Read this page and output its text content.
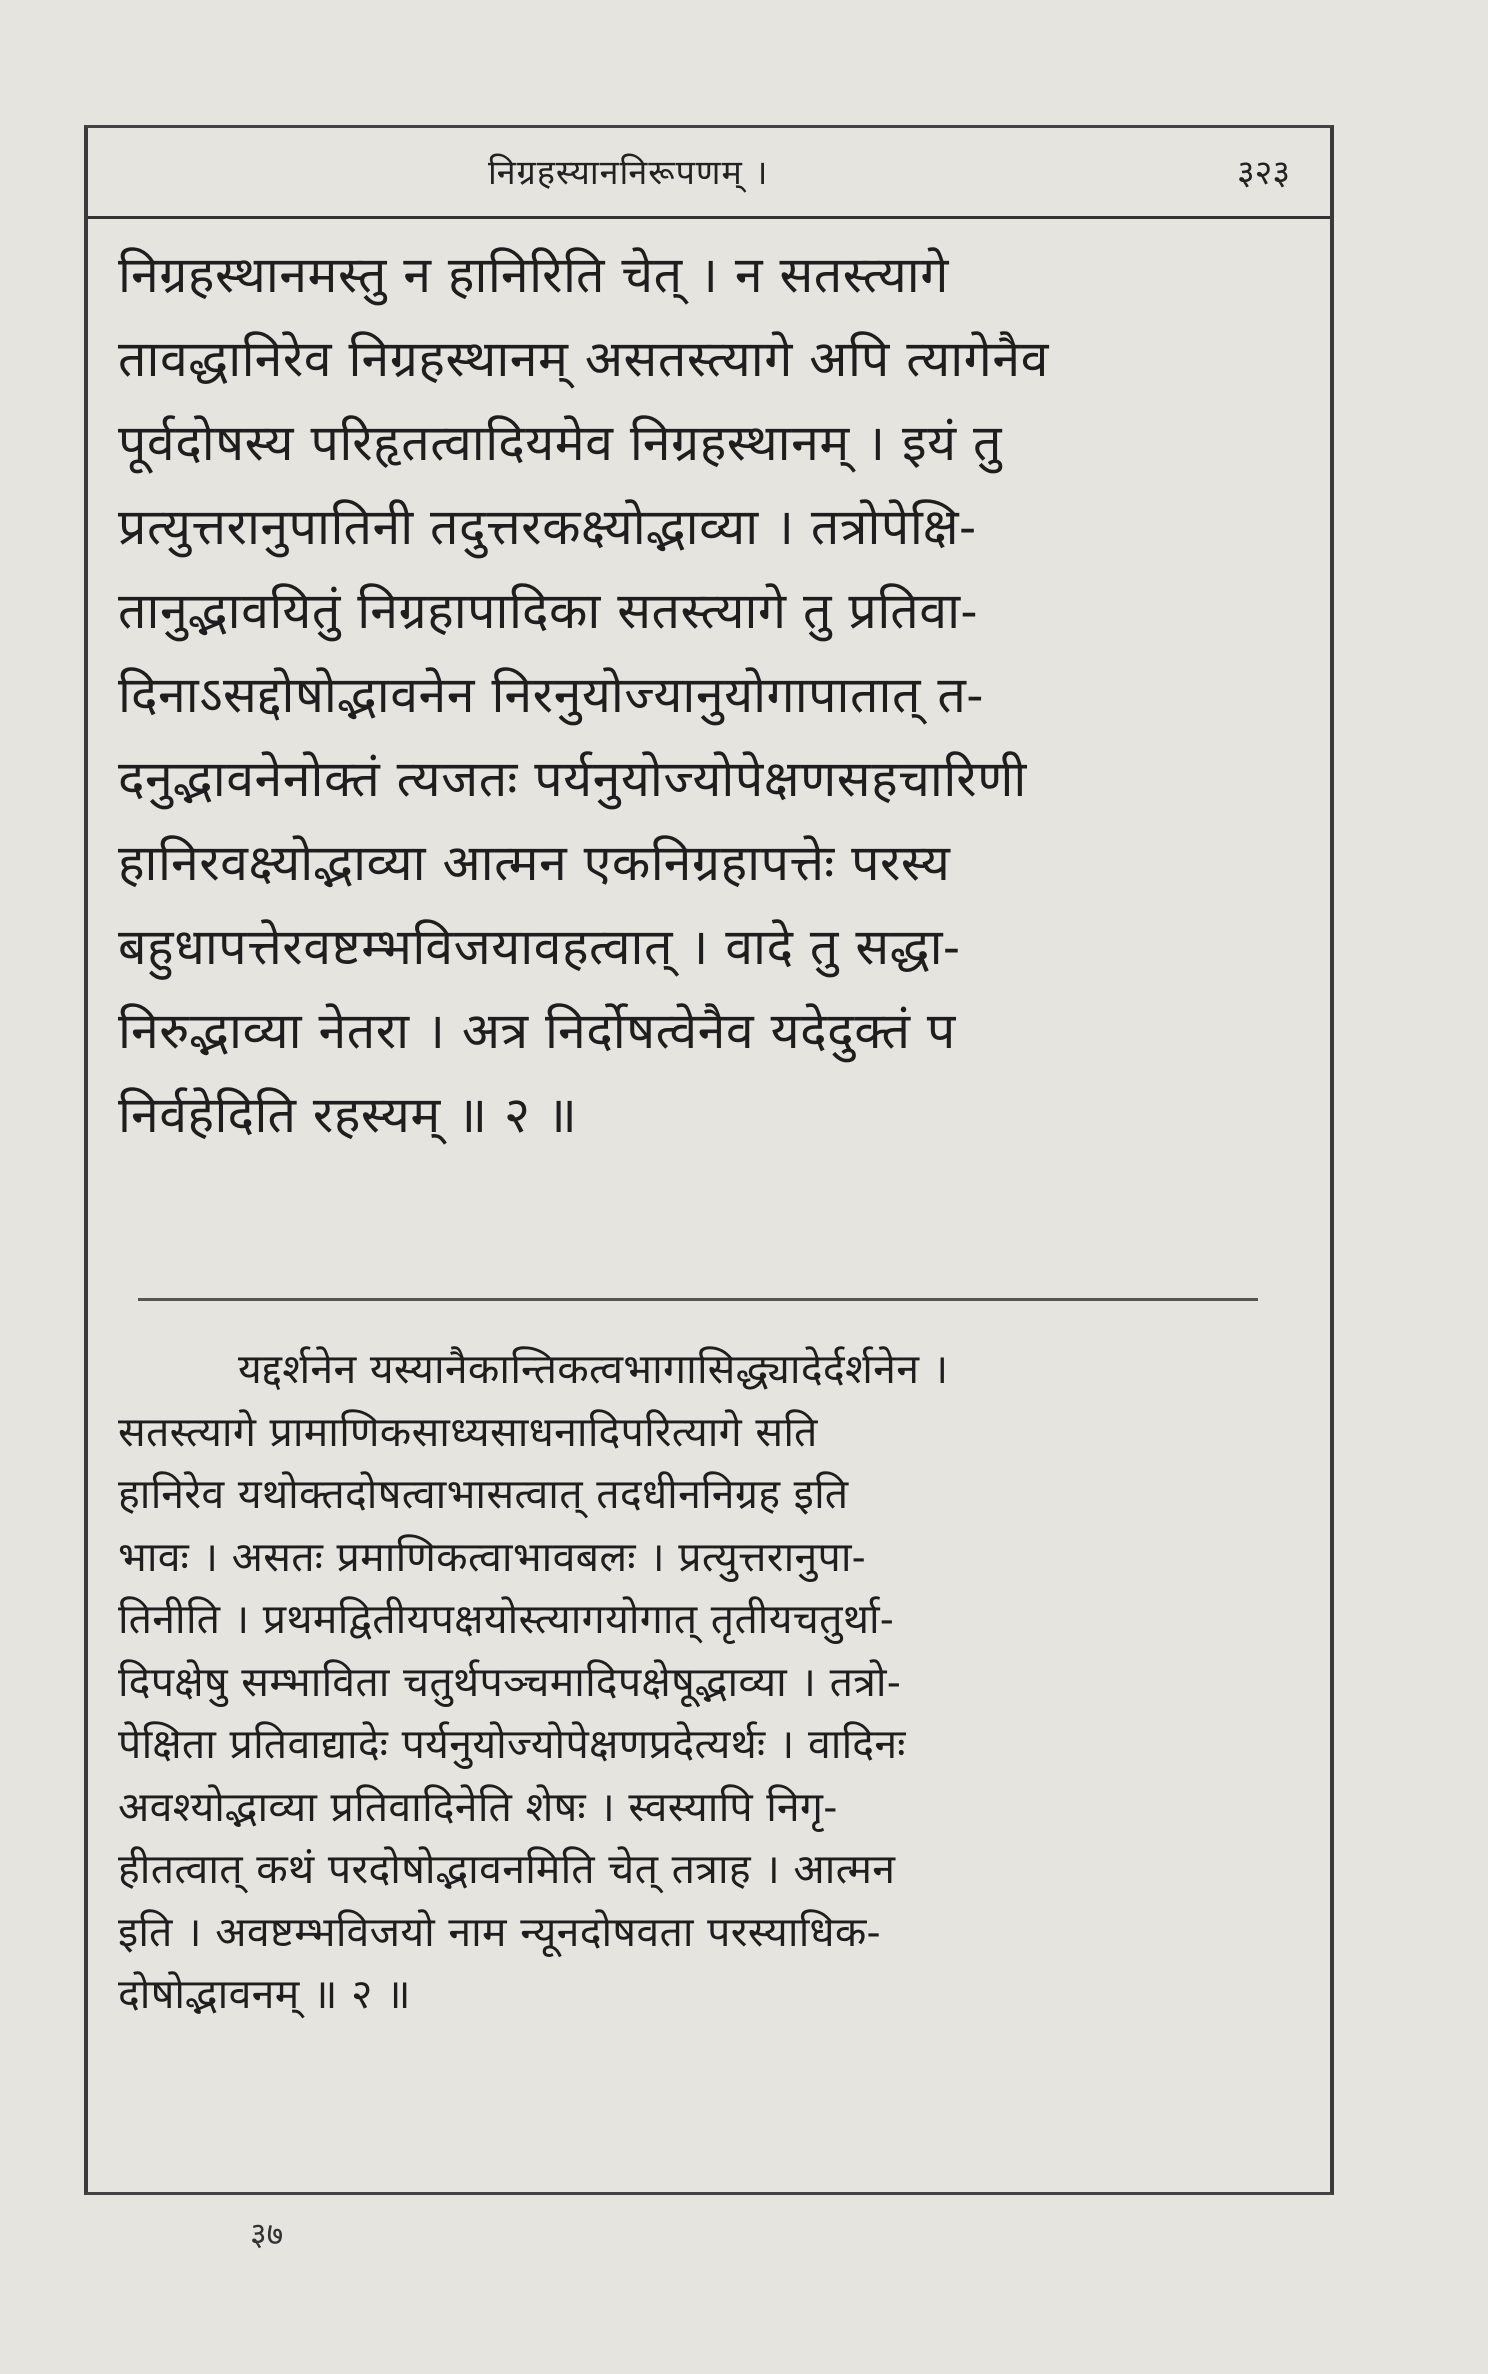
निग्रहस्याननिरूपणम् ।	३२३
निग्रहस्थानमस्तु न हानिरिति चेत् । न सतस्त्यागे
तावद्धानिरेव निग्रहस्थानम् असतस्त्यागे अपि त्यागेनैव
पूर्वदोषस्य परिहृतत्वादियमेव निग्रहस्थानम् । इयं तु
प्रत्युत्तरानुपातिनी तदुत्तरकक्ष्योद्भाव्या । तत्रोपेक्षि-
तानुद्भावयितुं निग्रहापादिका सतस्त्यागे तु प्रतिवा-
दिनाऽसद्दोषोद्भावनेन निरनुयोज्यानुयोगापातात् त-
दनुद्भावनेनोक्तं त्यजतः पर्यनुयोज्योपेक्षणसहचारिणी
हानिरवक्ष्योद्भाव्या आत्मन एकनिग्रहापत्तेः परस्य
बहुधापत्तेरवष्टम्भविजयावहत्वात् । वादे तु सद्धा-
निरुद्भाव्या नेतरा । अत्र निर्दोषत्वेनैव यदेदुक्तं प
निर्वहेदिति रहस्यम् ॥ २ ॥
यद्दर्शनेन यस्यानैकान्तिकत्वभागासिद्ध्यादेर्दर्शनेन ।
सतस्त्यागे प्रामाणिकसाध्यसाधनादिपरित्यागे सति
हानिरेव यथोक्तदोषत्वाभासत्वात् तदधीननिग्रह इति
भावः । असतः प्रमाणिकत्वाभावबलः । प्रत्युत्तरानुपा-
तिनीति । प्रथमद्वितीयपक्षयोस्त्यागयोगात् तृतीयचतुर्था-
दिपक्षेषु सम्भाविता चतुर्थपञ्चमादिपक्षेषूद्भाव्या । तत्रो-
पेक्षिता प्रतिवाद्यादेः पर्यनुयोज्योपेक्षणप्रदेत्यर्थः । वादिनः
अवश्योद्भाव्या प्रतिवादिनेति शेषः । स्वस्यापि निगृ-
हीतत्वात् कथं परदोषोद्भावनमिति चेत् तत्राह । आत्मन
इति । अवष्टम्भविजयो नाम न्यूनदोषवता परस्याधिक-
दोषोद्भावनम् ॥ २ ॥
३७
